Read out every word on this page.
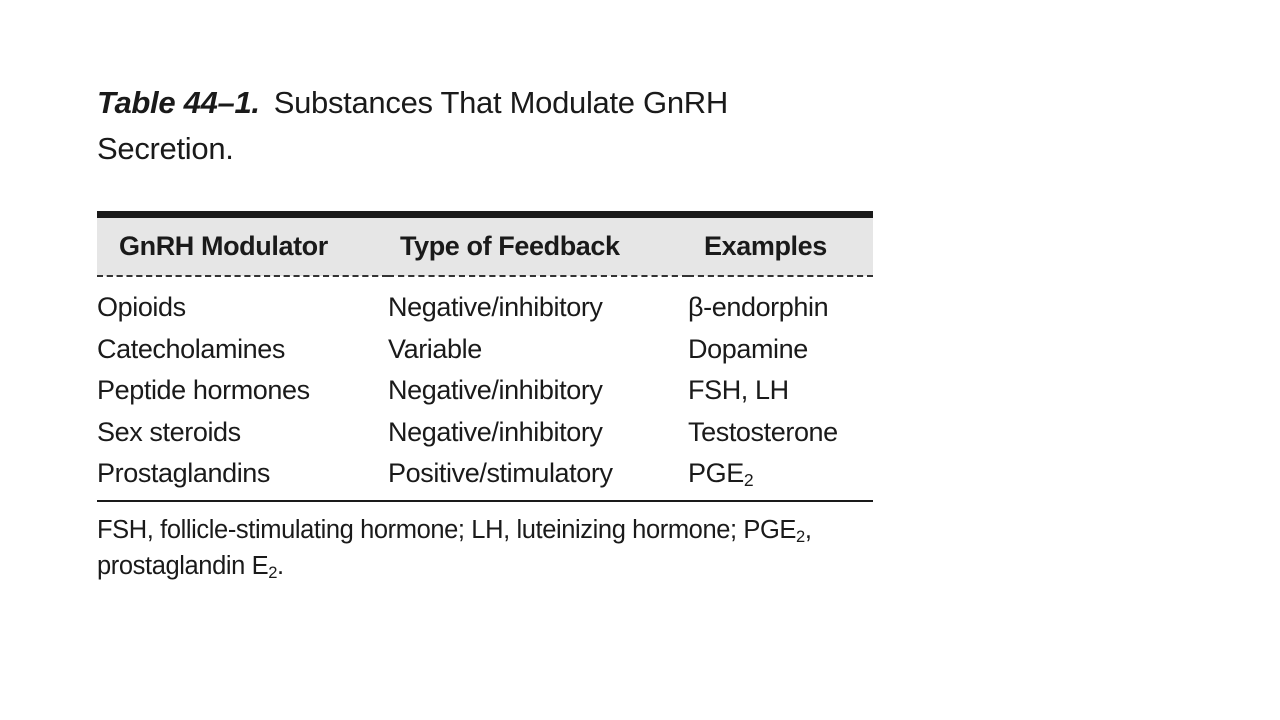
Table 44–1. Substances That Modulate GnRH Secretion.

GnRH Modulator	Type of Feedback	Examples
Opioids	Negative/inhibitory	β-endorphin
Catecholamines	Variable	Dopamine
Peptide hormones	Negative/inhibitory	FSH, LH
Sex steroids	Negative/inhibitory	Testosterone
Prostaglandins	Positive/stimulatory	$PGE_2$
FSH, follicle-stimulating hormone; LH, luteinizing hormone; $PGE_2$,
prostaglandin $E_2$.
